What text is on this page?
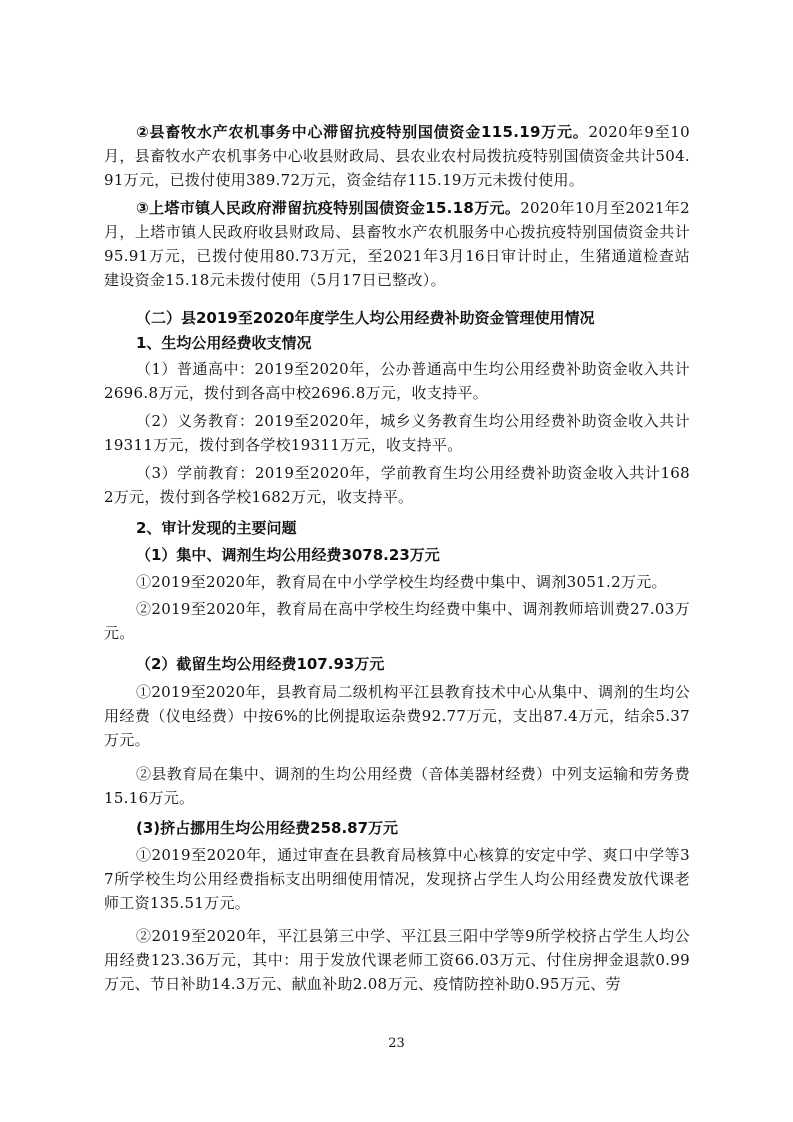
②县畜牧水产农机事务中心滞留抗疫特别国债资金115.19万元。2020年9至10月，县畜牧水产农机事务中心收县财政局、县农业农村局拨抗疫特别国债资金共计504.91万元，已拨付使用389.72万元，资金结存115.19万元未拨付使用。
③上塔市镇人民政府滞留抗疫特别国债资金15.18万元。2020年10月至2021年2月，上塔市镇人民政府收县财政局、县畜牧水产农机服务中心拨抗疫特别国债资金共计95.91万元，已拨付使用80.73万元，至2021年3月16日审计时止，生猪通道检查站建设资金15.18元未拨付使用（5月17日已整改）。
（二）县2019至2020年度学生人均公用经费补助资金管理使用情况
1、生均公用经费收支情况
（1）普通高中：2019至2020年，公办普通高中生均公用经费补助资金收入共计2696.8万元，拨付到各高中校2696.8万元，收支持平。
（2）义务教育：2019至2020年，城乡义务教育生均公用经费补助资金收入共计19311万元，拨付到各学校19311万元，收支持平。
（3）学前教育：2019至2020年，学前教育生均公用经费补助资金收入共计1682万元，拨付到各学校1682万元，收支持平。
2、审计发现的主要问题
（1）集中、调剂生均公用经费3078.23万元
①2019至2020年，教育局在中小学学校生均经费中集中、调剂3051.2万元。
②2019至2020年，教育局在高中学校生均经费中集中、调剂教师培训费27.03万元。
（2）截留生均公用经费107.93万元
①2019至2020年，县教育局二级机构平江县教育技术中心从集中、调剂的生均公用经费（仪电经费）中按6%的比例提取运杂费92.77万元，支出87.4万元，结余5.37万元。
②县教育局在集中、调剂的生均公用经费（音体美器材经费）中列支运输和劳务费15.16万元。
(3)挤占挪用生均公用经费258.87万元
①2019至2020年，通过审查在县教育局核算中心核算的安定中学、爽口中学等37所学校生均公用经费指标支出明细使用情况，发现挤占学生人均公用经费发放代课老师工资135.51万元。
②2019至2020年，平江县第三中学、平江县三阳中学等9所学校挤占学生人均公用经费123.36万元，其中：用于发放代课老师工资66.03万元、付住房押金退款0.99万元、节日补助14.3万元、献血补助2.08万元、疫情防控补助0.95万元、劳
23
